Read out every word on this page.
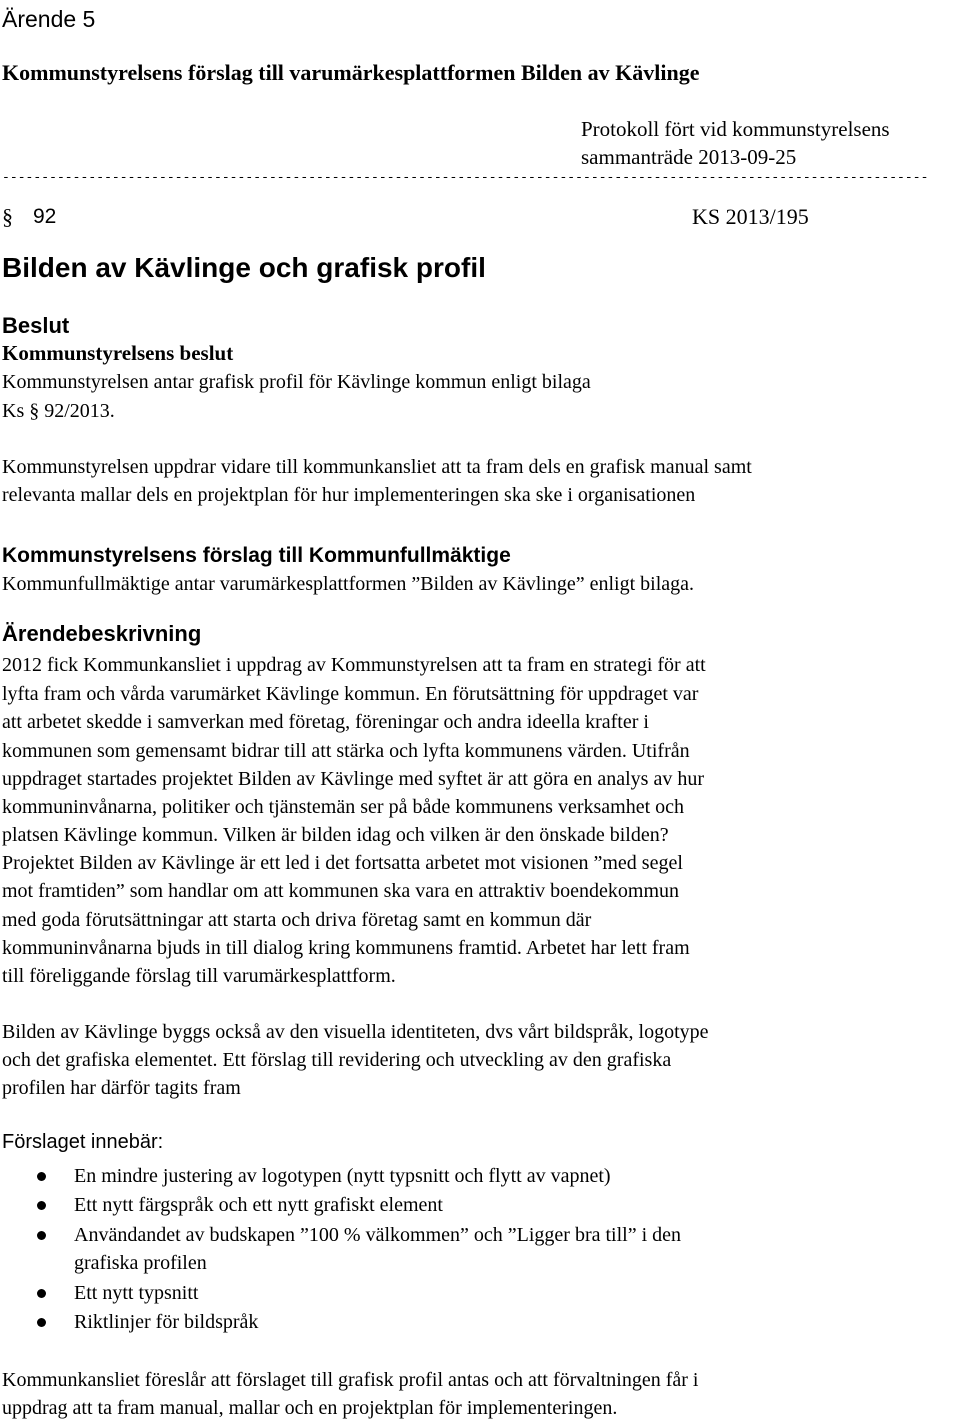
Ärende 5
Kommunstyrelsens förslag till varumärkesplattformen Bilden av Kävlinge
Protokoll fört vid kommunstyrelsens
sammanträde 2013-09-25
----------------------------------------------------------------------------------------------------------------------
§ 92	KS 2013/195
Bilden av Kävlinge och grafisk profil
Beslut
Kommunstyrelsens beslut
Kommunstyrelsen antar grafisk profil för Kävlinge kommun enligt bilaga
Ks § 92/2013.
Kommunstyrelsen uppdrar vidare till kommunkansliet att ta fram dels en grafisk manual samt
relevanta mallar dels en projektplan för hur implementeringen ska ske i organisationen
Kommunstyrelsens förslag till Kommunfullmäktige
Kommunfullmäktige antar varumärkesplattformen ”Bilden av Kävlinge” enligt bilaga.
Ärendebeskrivning
2012 fick Kommunkansliet i uppdrag av Kommunstyrelsen att ta fram en strategi för att
lyfta fram och vårda varumärket Kävlinge kommun. En förutsättning för uppdraget var
att arbetet skedde i samverkan med företag, föreningar och andra ideella krafter i
kommunen som gemensamt bidrar till att stärka och lyfta kommunens värden. Utifrån
uppdraget startades projektet Bilden av Kävlinge med syftet är att göra en analys av hur
kommuninvånarna, politiker och tjänstemän ser på både kommunens verksamhet och
platsen Kävlinge kommun. Vilken är bilden idag och vilken är den önskade bilden?
Projektet Bilden av Kävlinge är ett led i det fortsatta arbetet mot visionen ”med segel
mot framtiden” som handlar om att kommunen ska vara en attraktiv boendekommun
med goda förutsättningar att starta och driva företag samt en kommun där
kommuninvånarna bjuds in till dialog kring kommunens framtid. Arbetet har lett fram
till föreliggande förslag till varumärkesplattform.
Bilden av Kävlinge byggs också av den visuella identiteten, dvs vårt bildspråk, logotype
och det grafiska elementet. Ett förslag till revidering och utveckling av den grafiska
profilen har därför tagits fram
Förslaget innebär:
En mindre justering av logotypen (nytt typsnitt och flytt av vapnet)
Ett nytt färgspråk och ett nytt grafiskt element
Användandet av budskapen ”100 % välkommen” och ”Ligger bra till” i den
grafiska profilen
Ett nytt typsnitt
Riktlinjer för bildspråk
Kommunkansliet föreslår att förslaget till grafisk profil antas och att förvaltningen får i
uppdrag att ta fram manual, mallar och en projektplan för implementeringen.
